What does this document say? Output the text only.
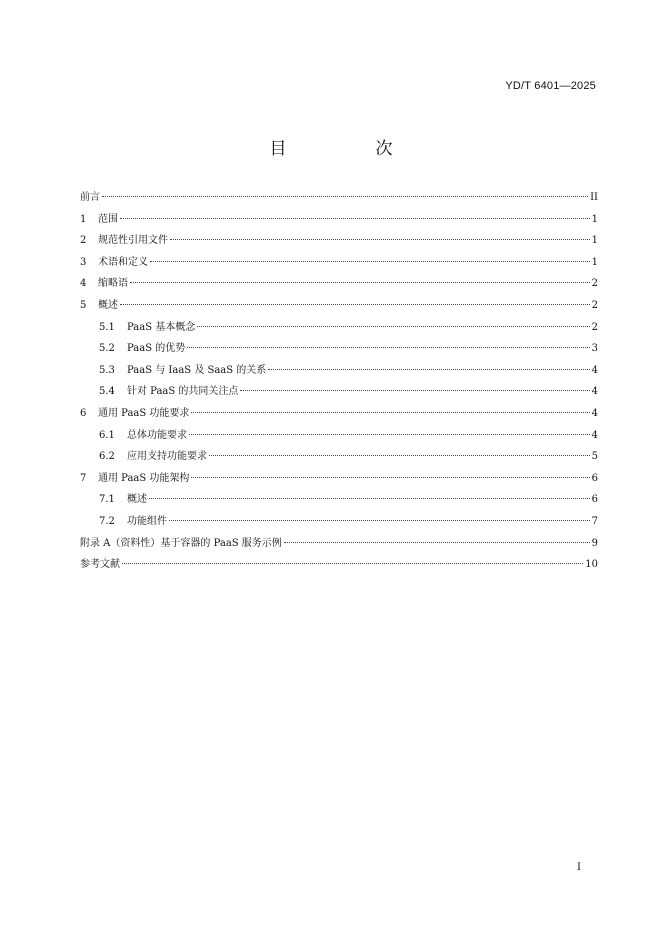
YD/T 6401—2025
目　次
前言	II
1	范围	1
2	规范性引用文件	1
3	术语和定义	1
4	缩略语	2
5	概述	2
5.1	PaaS 基本概念	2
5.2	PaaS 的优势	3
5.3	PaaS 与 IaaS 及 SaaS 的关系	4
5.4	针对 PaaS 的共同关注点	4
6	通用 PaaS 功能要求	4
6.1	总体功能要求	4
6.2	应用支持功能要求	5
7	通用 PaaS 功能架构	6
7.1	概述	6
7.2	功能组件	7
附录 A（资料性）基于容器的 PaaS 服务示例	9
参考文献	10
I
